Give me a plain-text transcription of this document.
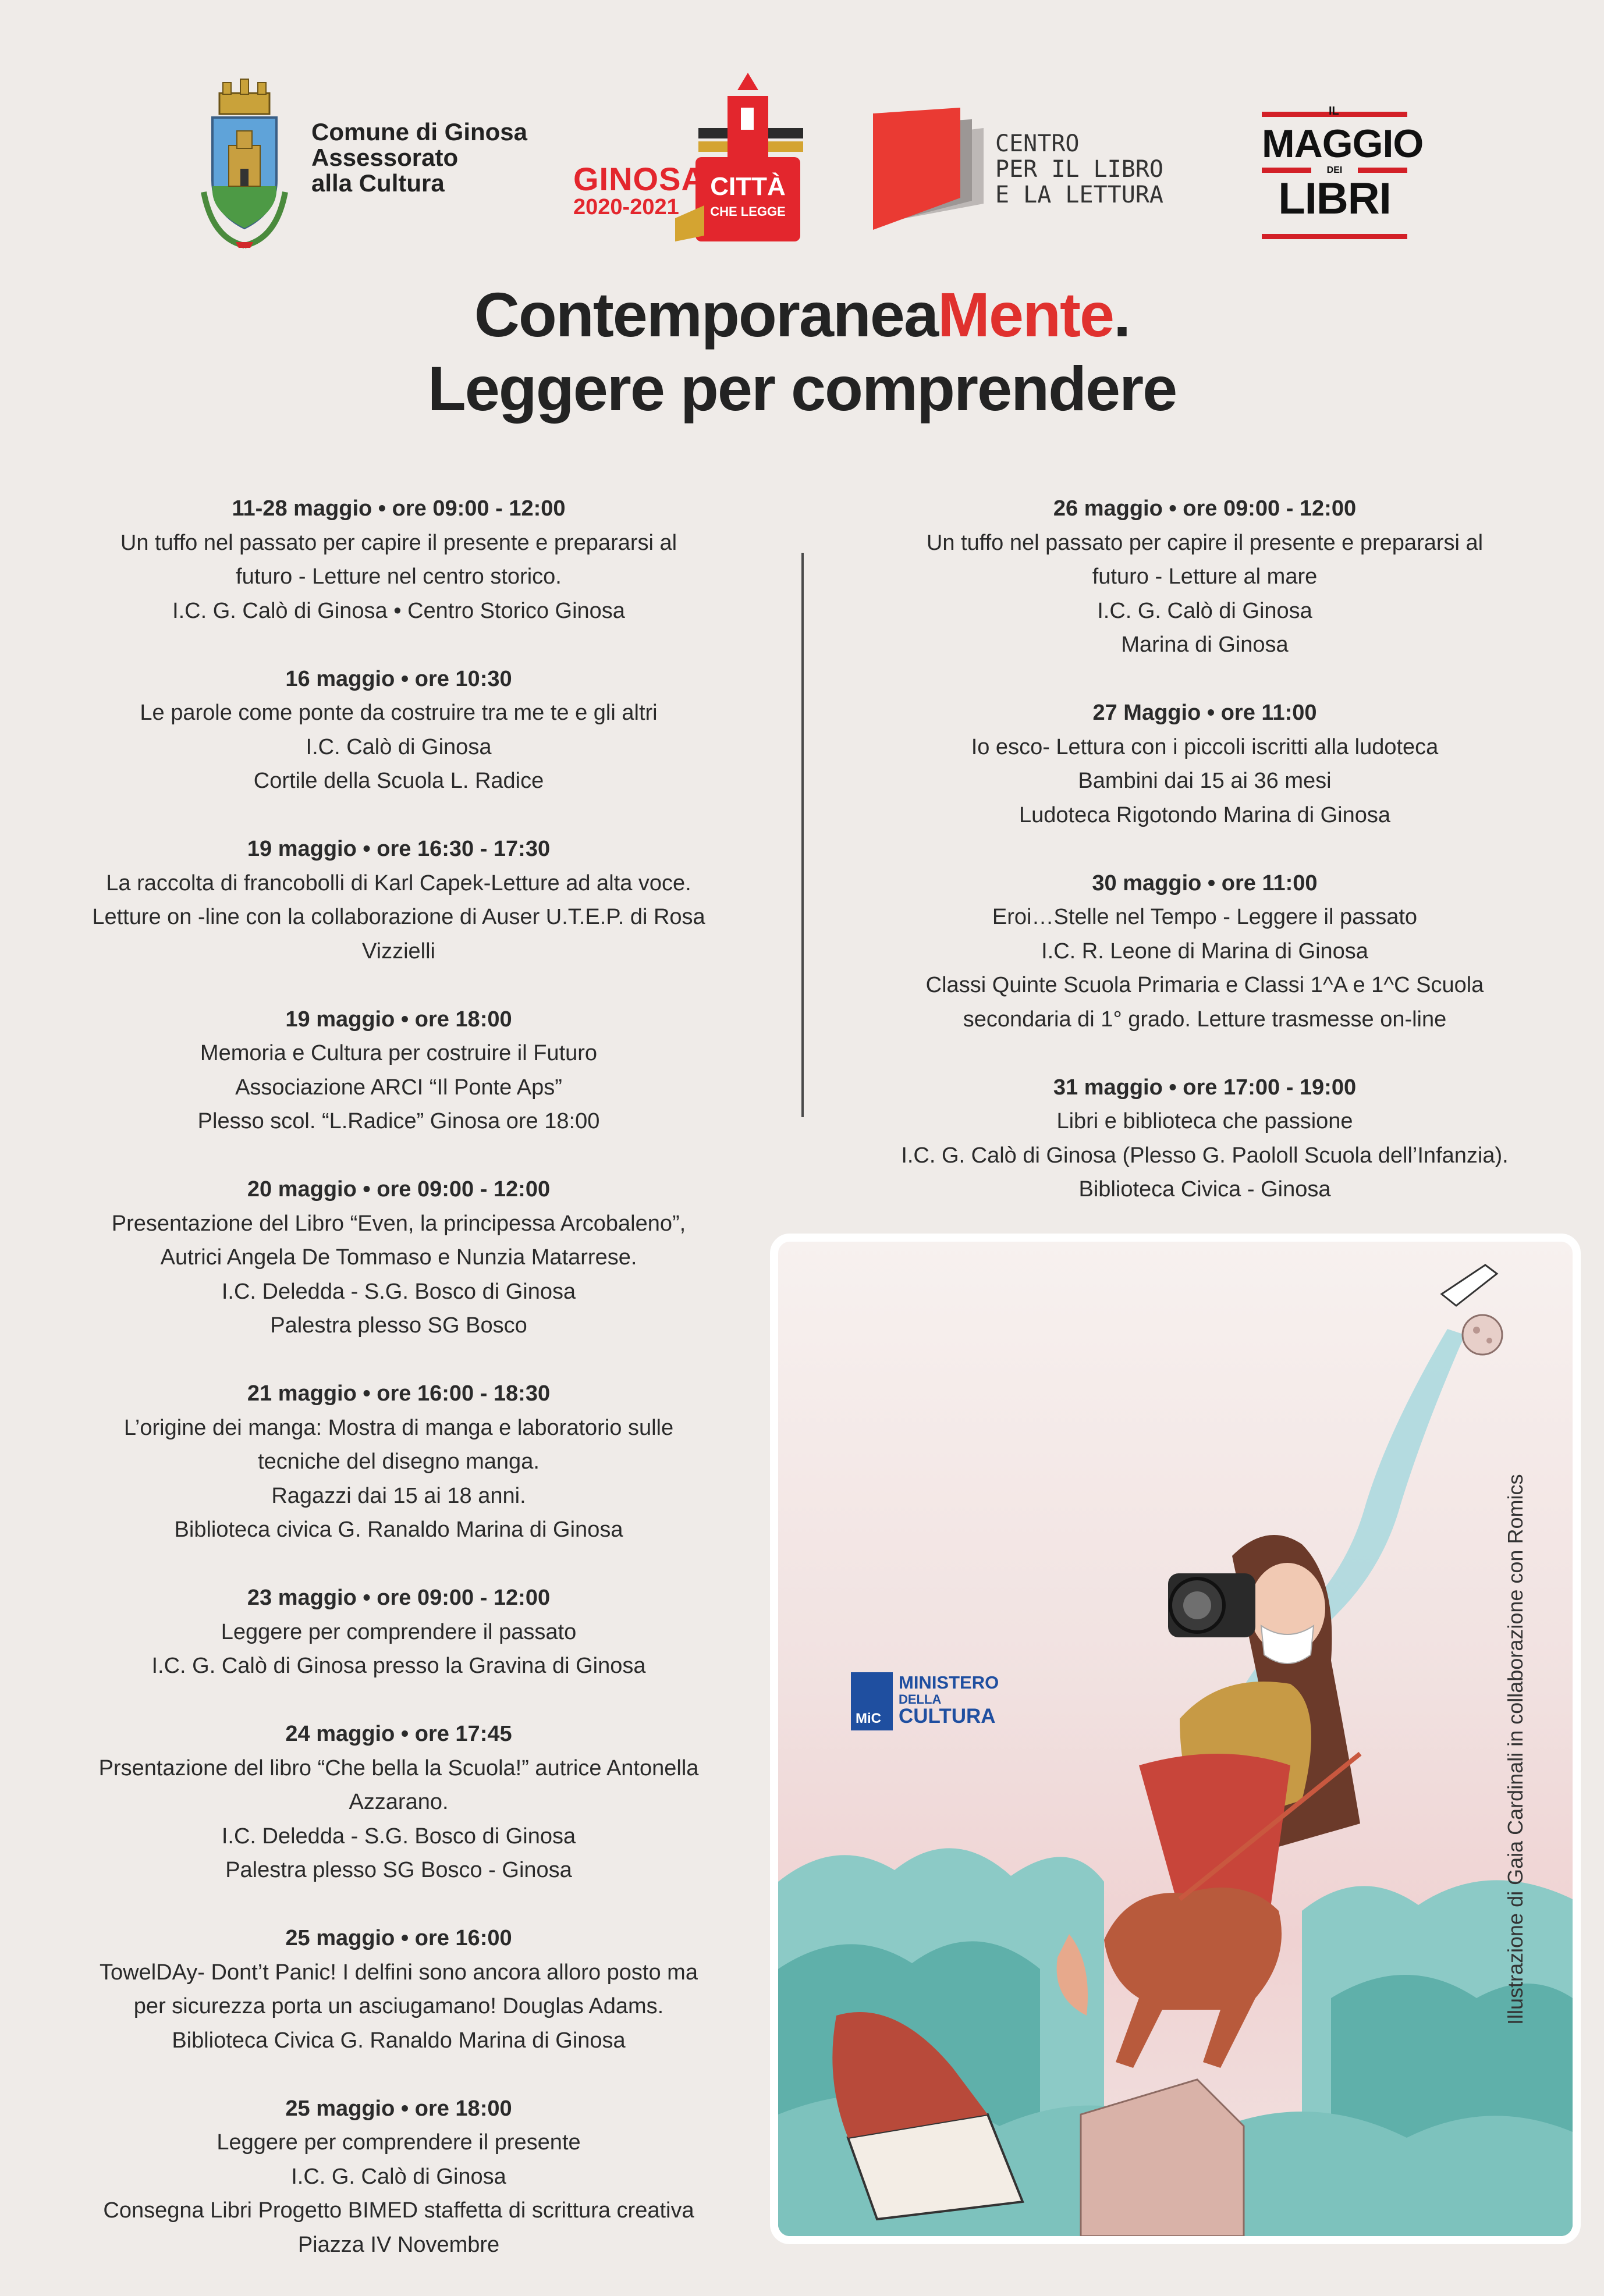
Comune di Ginosa
Assessorato
alla Cultura	CITTÀ
CHE LEGGE
GINOSA
2020-2021
CENTRO
PER IL LIBRO
E LA LETTURA
IL
MAGGIO
DEI
LIBRI
ContemporaneaMente.
Leggere per comprendere
11-28 maggio • ore 09:00 - 12:00
Un tuffo nel passato per capire il presente e prepararsi al
futuro - Letture nel centro storico.
I.C. G. Calò di Ginosa • Centro Storico Ginosa
16 maggio • ore 10:30
Le parole come ponte da costruire tra me te e gli altri
I.C. Calò di Ginosa
Cortile della Scuola L. Radice
19 maggio • ore 16:30 - 17:30
La raccolta di francobolli di Karl Capek-Letture ad alta voce.
Letture on -line con la collaborazione di Auser U.T.E.P. di Rosa
Vizzielli
19 maggio • ore 18:00
Memoria e Cultura per costruire il Futuro
Associazione ARCI “Il Ponte Aps”
Plesso scol. “L.Radice” Ginosa ore 18:00
20 maggio • ore 09:00 - 12:00
Presentazione del Libro “Even, la principessa Arcobaleno”,
Autrici Angela De Tommaso e Nunzia Matarrese.
I.C. Deledda - S.G. Bosco di Ginosa
Palestra plesso SG Bosco
21 maggio • ore 16:00 - 18:30
L’origine dei manga: Mostra di manga e laboratorio sulle
tecniche del disegno manga.
Ragazzi dai 15 ai 18 anni.
Biblioteca civica G. Ranaldo Marina di Ginosa
23 maggio • ore 09:00 - 12:00
Leggere per comprendere il passato
I.C. G. Calò di Ginosa presso la Gravina di Ginosa
24 maggio • ore 17:45
Prsentazione del libro “Che bella la Scuola!” autrice Antonella
Azzarano.
I.C. Deledda - S.G. Bosco di Ginosa
Palestra plesso SG Bosco - Ginosa
25 maggio • ore 16:00
TowelDAy- Dont’t Panic! I delfini sono ancora alloro posto ma
per sicurezza porta un asciugamano! Douglas Adams.
Biblioteca Civica G. Ranaldo Marina di Ginosa
25 maggio • ore 18:00
Leggere per comprendere il presente
I.C. G. Calò di Ginosa
Consegna Libri Progetto BIMED staffetta di scrittura creativa
Piazza IV Novembre
26 maggio • ore 09:00 - 12:00
Un tuffo nel passato per capire il presente e prepararsi al
futuro - Letture al mare
I.C. G. Calò di Ginosa
Marina di Ginosa
27 Maggio • ore 11:00
Io esco- Lettura con i piccoli iscritti alla ludoteca
Bambini dai 15 ai 36 mesi
Ludoteca Rigotondo Marina di Ginosa
30 maggio • ore 11:00
Eroi…Stelle nel Tempo - Leggere il passato
I.C. R. Leone di Marina di Ginosa
Classi Quinte Scuola Primaria e Classi 1^A e 1^C Scuola
secondaria di 1° grado. Letture trasmesse on-line
31 maggio • ore 17:00 - 19:00
Libri e biblioteca che passione
I.C. G. Calò di Ginosa (Plesso G. Paololl Scuola dell’Infanzia).
Biblioteca Civica - Ginosa
MiC
MINISTERO
DELLA
CULTURA	Illustrazione di Gaia Cardinali in collaborazione con Romics
